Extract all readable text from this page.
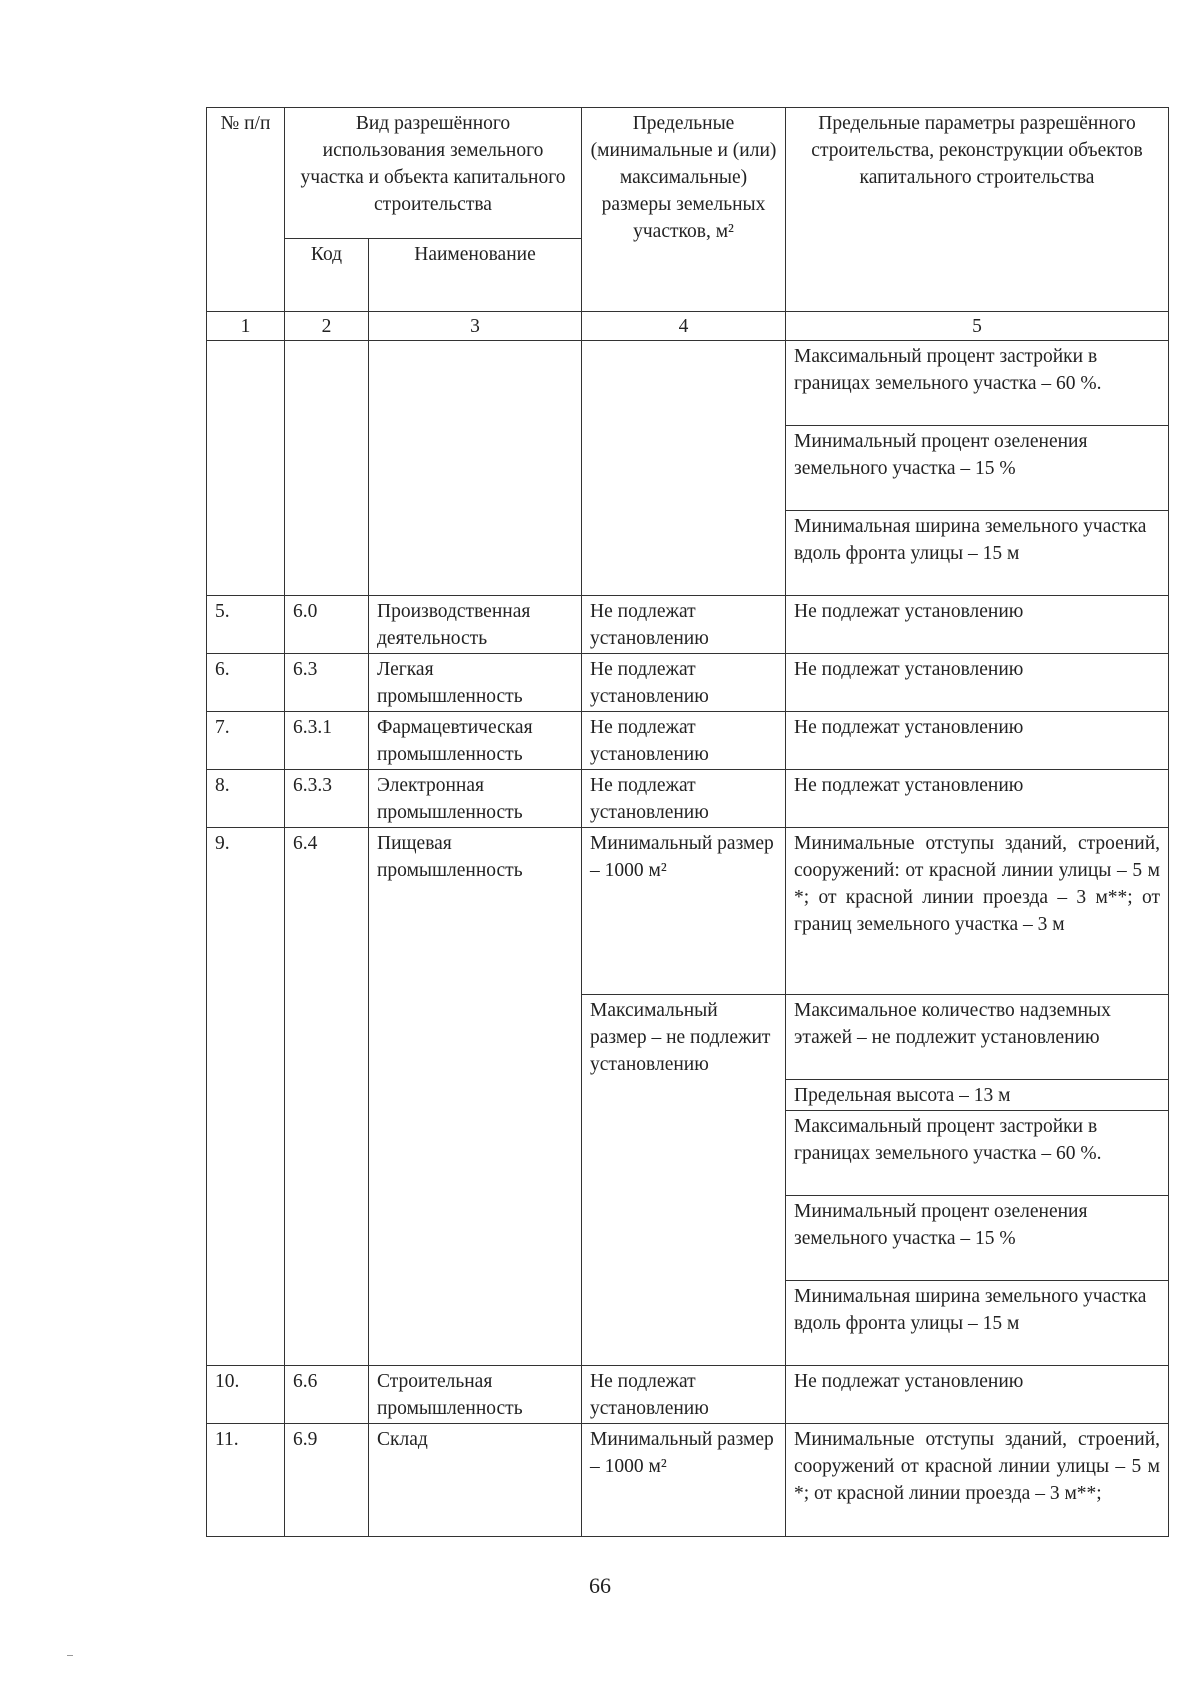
№ п/п	Вид разрешённого использования земельного участка и объекта капитального строительства		Предельные (минимальные и (или) максимальные) размеры земельных участков, м²	Предельные параметры разрешённого строительства, реконструкции объектов капитального строительства
	Код	Наименование		
1	2	3	4	5
				Максимальный процент застройки в границах земельного участка – 60 %.
				Минимальный процент озеленения земельного участка – 15 %
				Минимальная ширина земельного участка вдоль фронта улицы – 15 м
5.	6.0	Производственная деятельность	Не подлежат установлению	Не подлежат установлению
6.	6.3	Легкая промышленность	Не подлежат установлению	Не подлежат установлению
7.	6.3.1	Фармацевтическая промышленность	Не подлежат установлению	Не подлежат установлению
8.	6.3.3	Электронная промышленность	Не подлежат установлению	Не подлежат установлению
9.	6.4	Пищевая промышленность	Минимальный размер – 1000 м²	Минимальные отступы зданий, строений, сооружений: от красной линии улицы – 5 м *; от красной линии проезда – 3 м**; от границ земельного участка – 3 м
			Максимальный размер – не подлежит установлению	Максимальное количество надземных этажей – не подлежит установлению
				Предельная высота – 13 м
				Максимальный процент застройки в границах земельного участка – 60 %.
				Минимальный процент озеленения земельного участка – 15 %
				Минимальная ширина земельного участка вдоль фронта улицы – 15 м
10.	6.6	Строительная промышленность	Не подлежат установлению	Не подлежат установлению
11.	6.9	Склад	Минимальный размер – 1000 м²	Минимальные отступы зданий, строений, сооружений от красной линии улицы – 5 м *; от красной линии проезда – 3 м**;
66
